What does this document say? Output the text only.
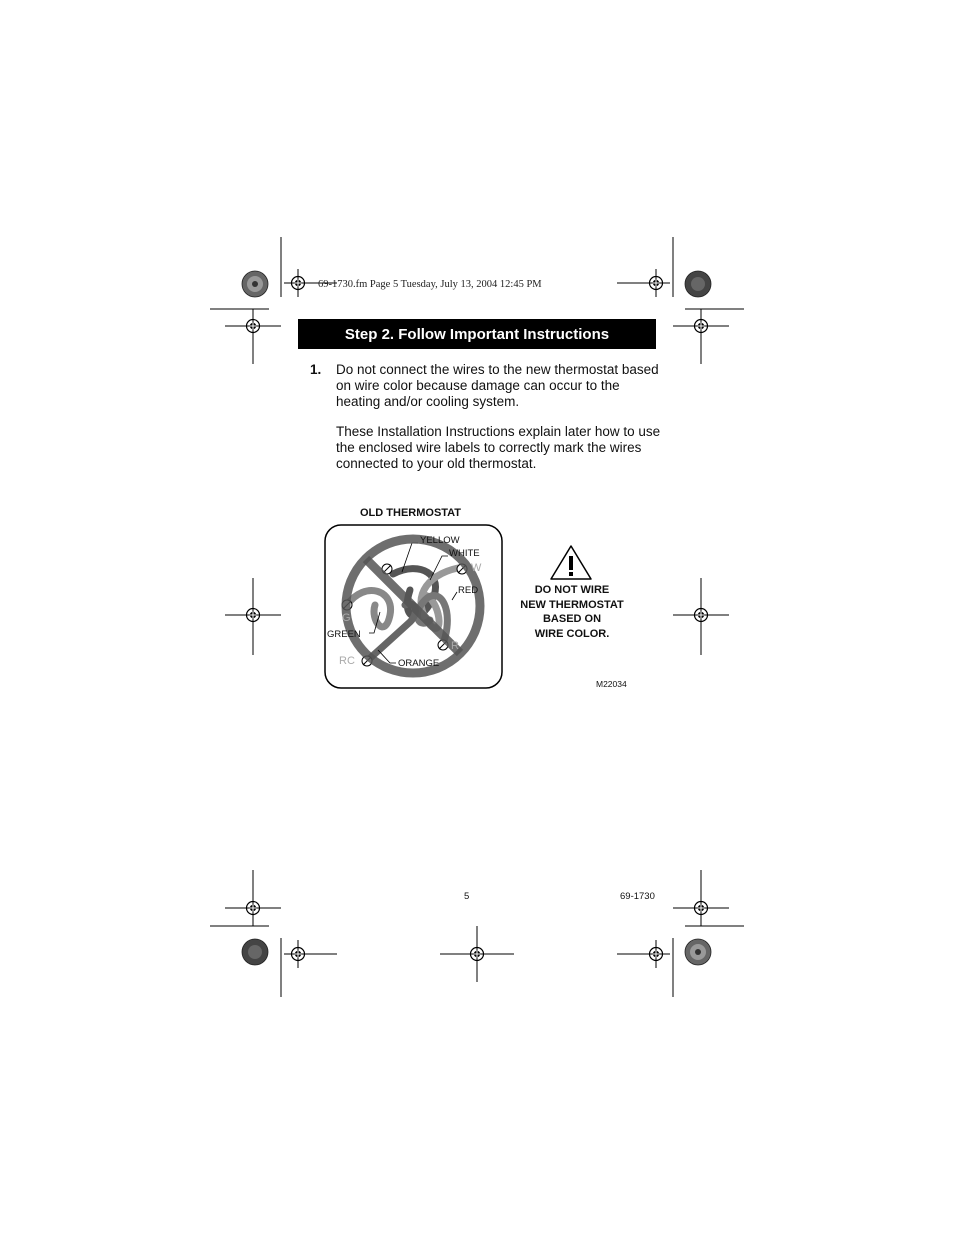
69-1730.fm Page 5 Tuesday, July 13, 2004 12:45 PM
Step 2. Follow Important Instructions
1. Do not connect the wires to the new thermostat based on wire color because damage can occur to the heating and/or cooling system.
These Installation Instructions explain later how to use the enclosed wire labels to correctly mark the wires connected to your old thermostat.
OLD THERMOSTAT
YELLOW
WHITE
RED
GREEN
ORANGE
W
G
R
RC
DO NOT WIRE
NEW THERMOSTAT
BASED ON
WIRE COLOR.
M22034
5	69-1730
